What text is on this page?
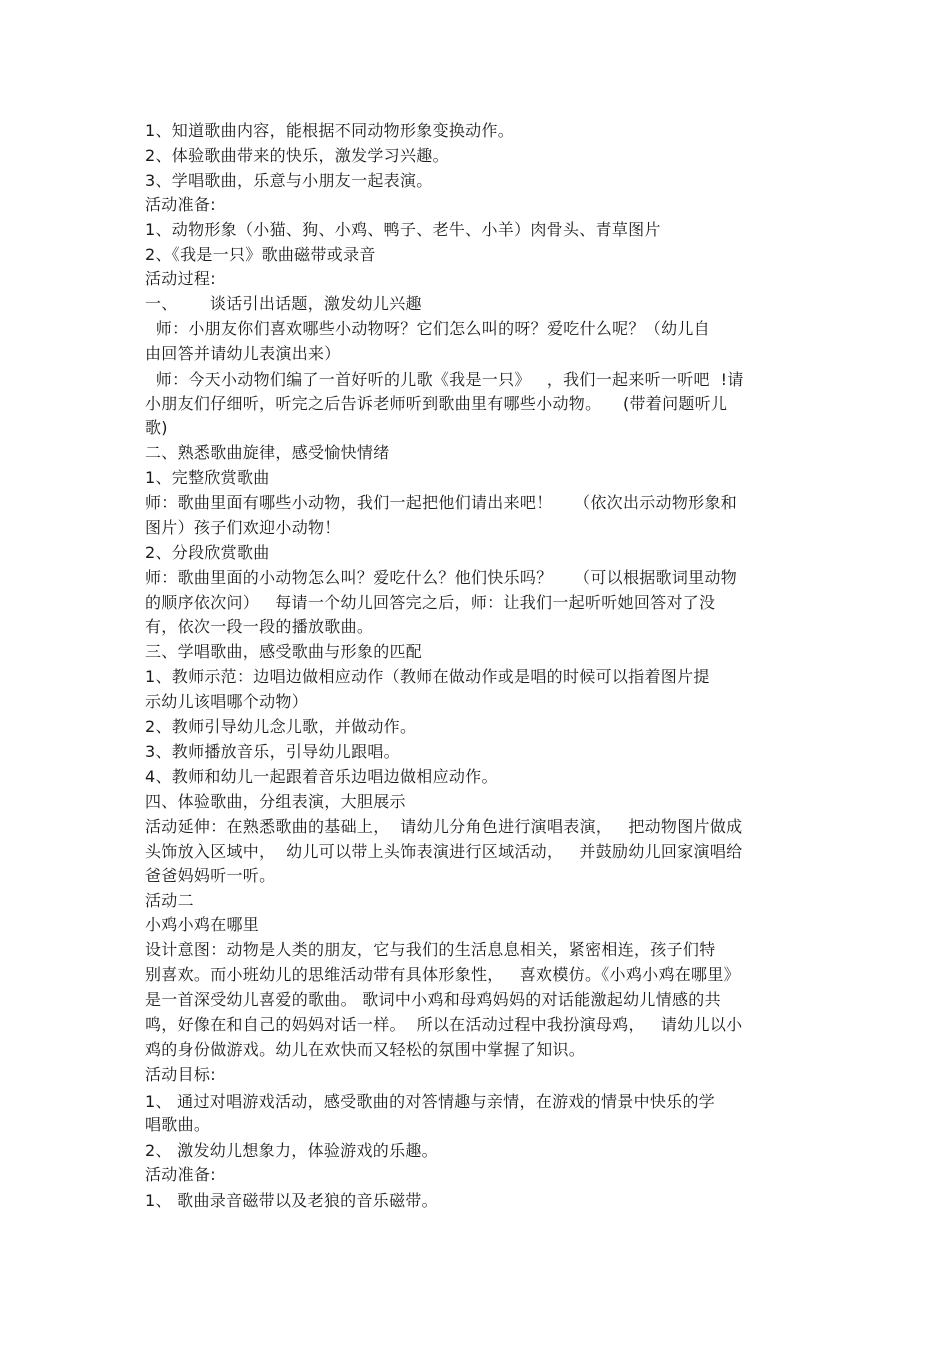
1、知道歌曲内容，能根据不同动物形象变换动作。
2、体验歌曲带来的快乐，激发学习兴趣。
3、学唱歌曲，乐意与小朋友一起表演。
活动准备:
1、动物形象（小猫、狗、小鸡、鸭子、老牛、小羊）肉骨头、青草图片
2、《我是一只》歌曲磁带或录音
活动过程:
一、      谈话引出话题，激发幼儿兴趣
师：小朋友你们喜欢哪些小动物呀？它们怎么叫的呀？爱吃什么呢？（幼儿自
由回答并请幼儿表演出来）
师：今天小动物们编了一首好听的儿歌《我是一只》   ，我们一起来听一听吧  !请
小朋友们仔细听，听完之后告诉老师听到歌曲里有哪些小动物。    (带着问题听儿
歌)
二、熟悉歌曲旋律，感受愉快情绪
1、完整欣赏歌曲
师：歌曲里面有哪些小动物，我们一起把他们请出来吧！    （依次出示动物形象和
图片）孩子们欢迎小动物！
2、分段欣赏歌曲
师：歌曲里面的小动物怎么叫？爱吃什么？他们快乐吗？    （可以根据歌词里动物
的顺序依次问）   每请一个幼儿回答完之后，师：让我们一起听听她回答对了没
有，依次一段一段的播放歌曲。
三、学唱歌曲，感受歌曲与形象的匹配
1、教师示范：边唱边做相应动作（教师在做动作或是唱的时候可以指着图片提
示幼儿该唱哪个动物）
2、教师引导幼儿念儿歌，并做动作。
3、教师播放音乐，引导幼儿跟唱。
4、教师和幼儿一起跟着音乐边唱边做相应动作。
四、体验歌曲，分组表演，大胆展示
活动延伸：在熟悉歌曲的基础上，  请幼儿分角色进行演唱表演，   把动物图片做成
头饰放入区域中，  幼儿可以带上头饰表演进行区域活动，   并鼓励幼儿回家演唱给
爸爸妈妈听一听。
活动二
小鸡小鸡在哪里
设计意图：动物是人类的朋友，它与我们的生活息息相关，紧密相连，孩子们特
别喜欢。而小班幼儿的思维活动带有具体形象性，   喜欢模仿。《小鸡小鸡在哪里》
是一首深受幼儿喜爱的歌曲。 歌词中小鸡和母鸡妈妈的对话能激起幼儿情感的共
鸣，好像在和自己的妈妈对话一样。  所以在活动过程中我扮演母鸡，   请幼儿以小
鸡的身份做游戏。幼儿在欢快而又轻松的氛围中掌握了知识。
活动目标:
1、 通过对唱游戏活动，感受歌曲的对答情趣与亲情，在游戏的情景中快乐的学
唱歌曲。
2、 激发幼儿想象力，体验游戏的乐趣。
活动准备:
1、 歌曲录音磁带以及老狼的音乐磁带。
